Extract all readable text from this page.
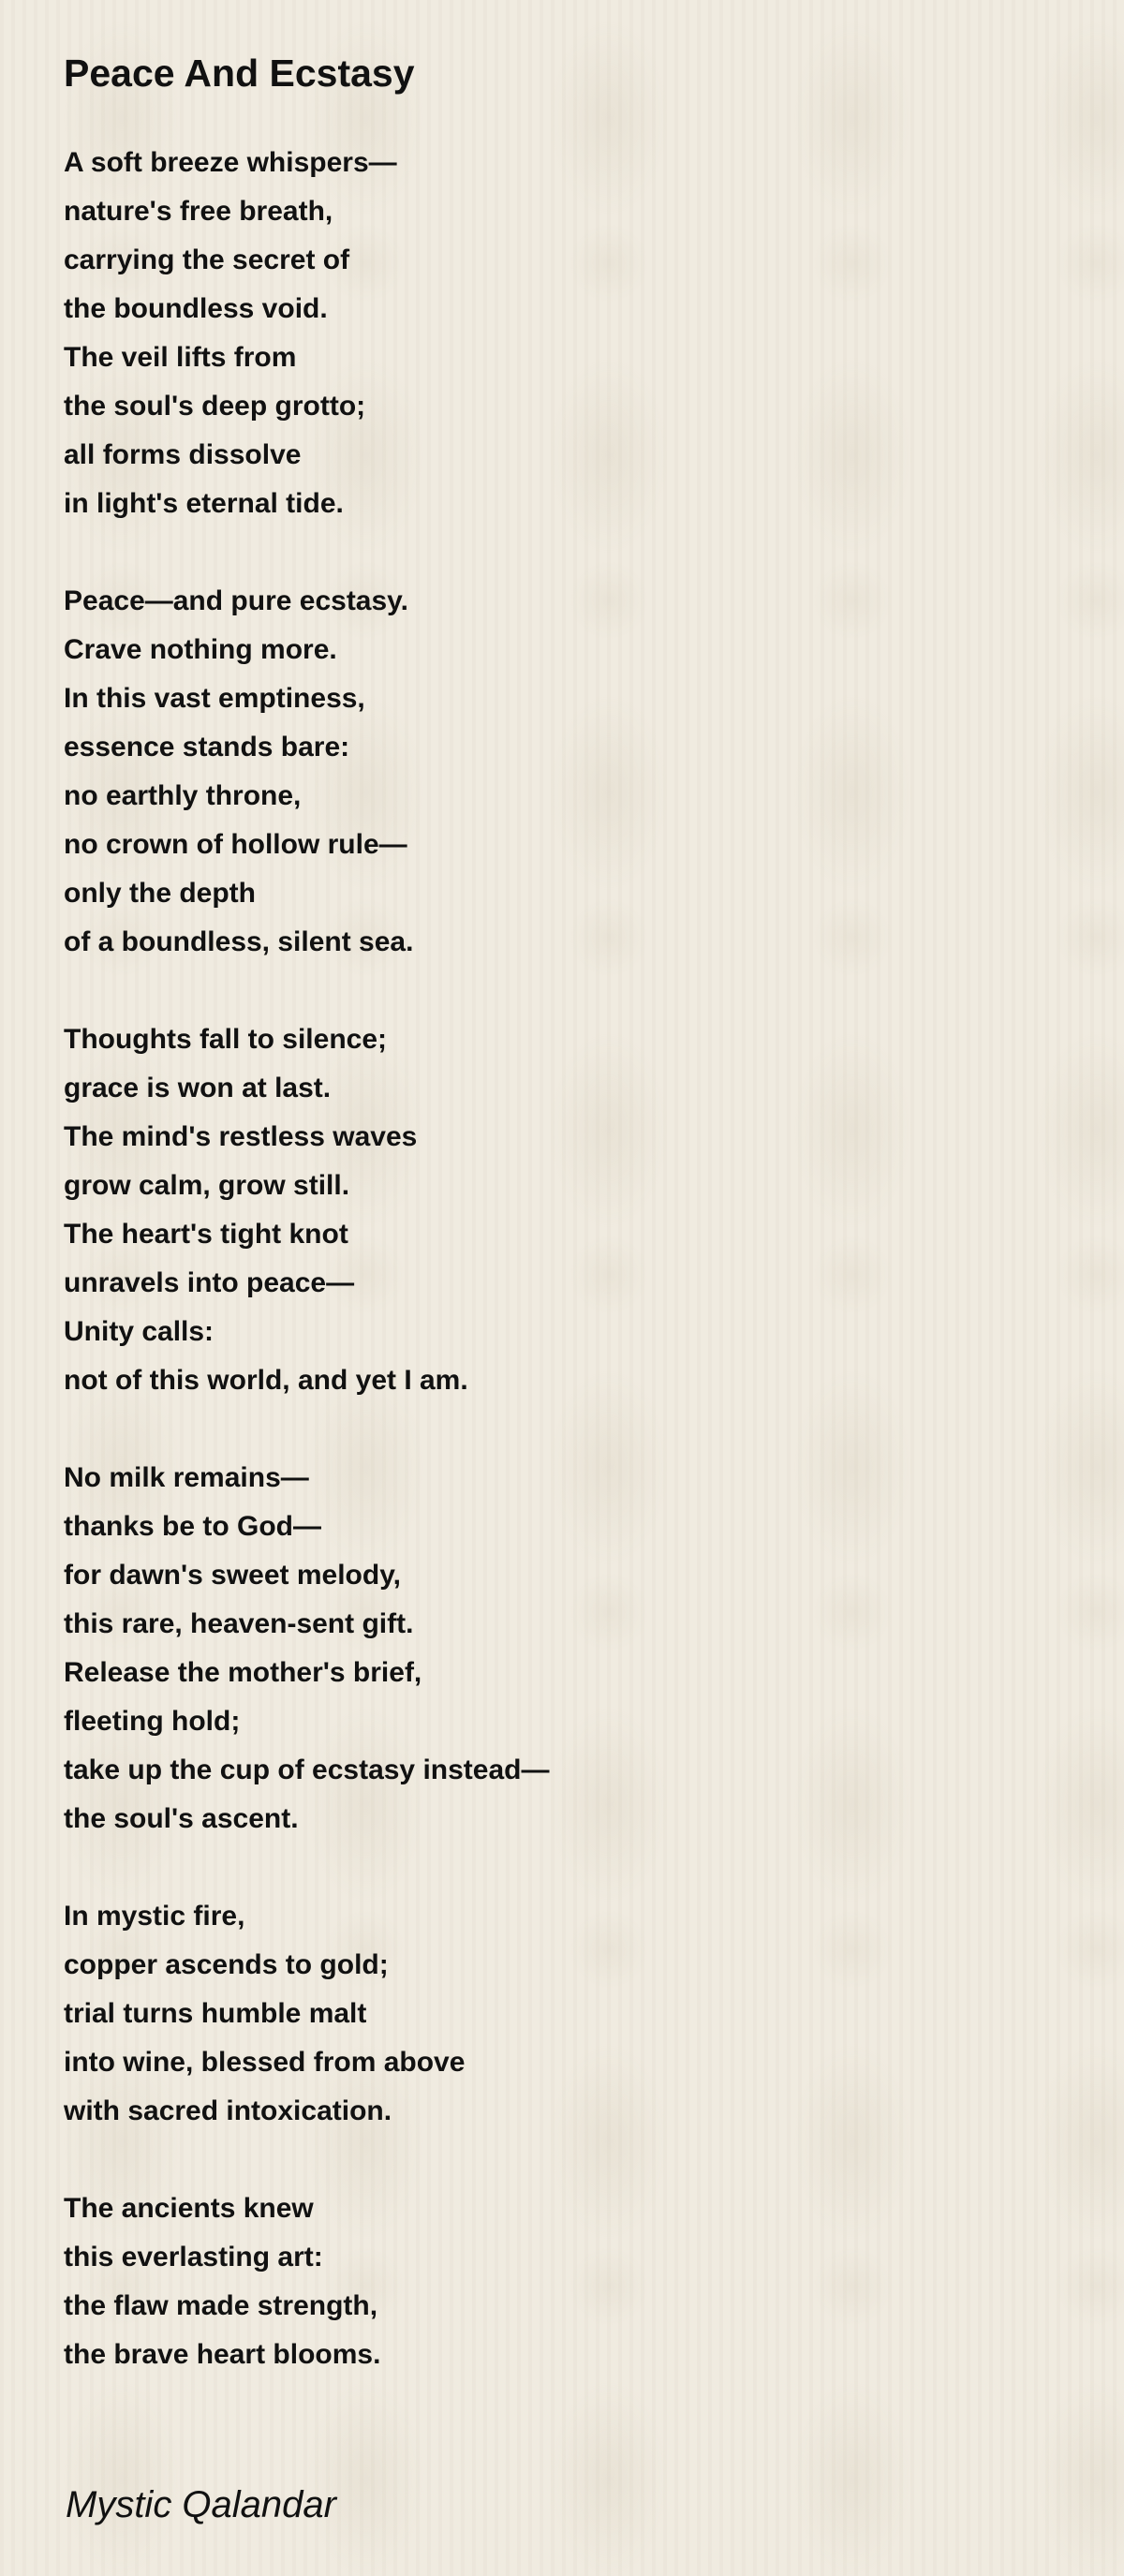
Peace And Ecstasy
A soft breeze whispers—
nature's free breath,
carrying the secret of
the boundless void.
The veil lifts from
the soul's deep grotto;
all forms dissolve
in light's eternal tide.
Peace—and pure ecstasy.
Crave nothing more.
In this vast emptiness,
essence stands bare:
no earthly throne,
no crown of hollow rule—
only the depth
of a boundless, silent sea.
Thoughts fall to silence;
grace is won at last.
The mind's restless waves
grow calm, grow still.
The heart's tight knot
unravels into peace—
Unity calls:
not of this world, and yet I am.
No milk remains—
thanks be to God—
for dawn's sweet melody,
this rare, heaven-sent gift.
Release the mother's brief,
fleeting hold;
take up the cup of ecstasy instead—
the soul's ascent.
In mystic fire,
copper ascends to gold;
trial turns humble malt
into wine, blessed from above
with sacred intoxication.
The ancients knew
this everlasting art:
the flaw made strength,
the brave heart blooms.

Mystic Qalandar
